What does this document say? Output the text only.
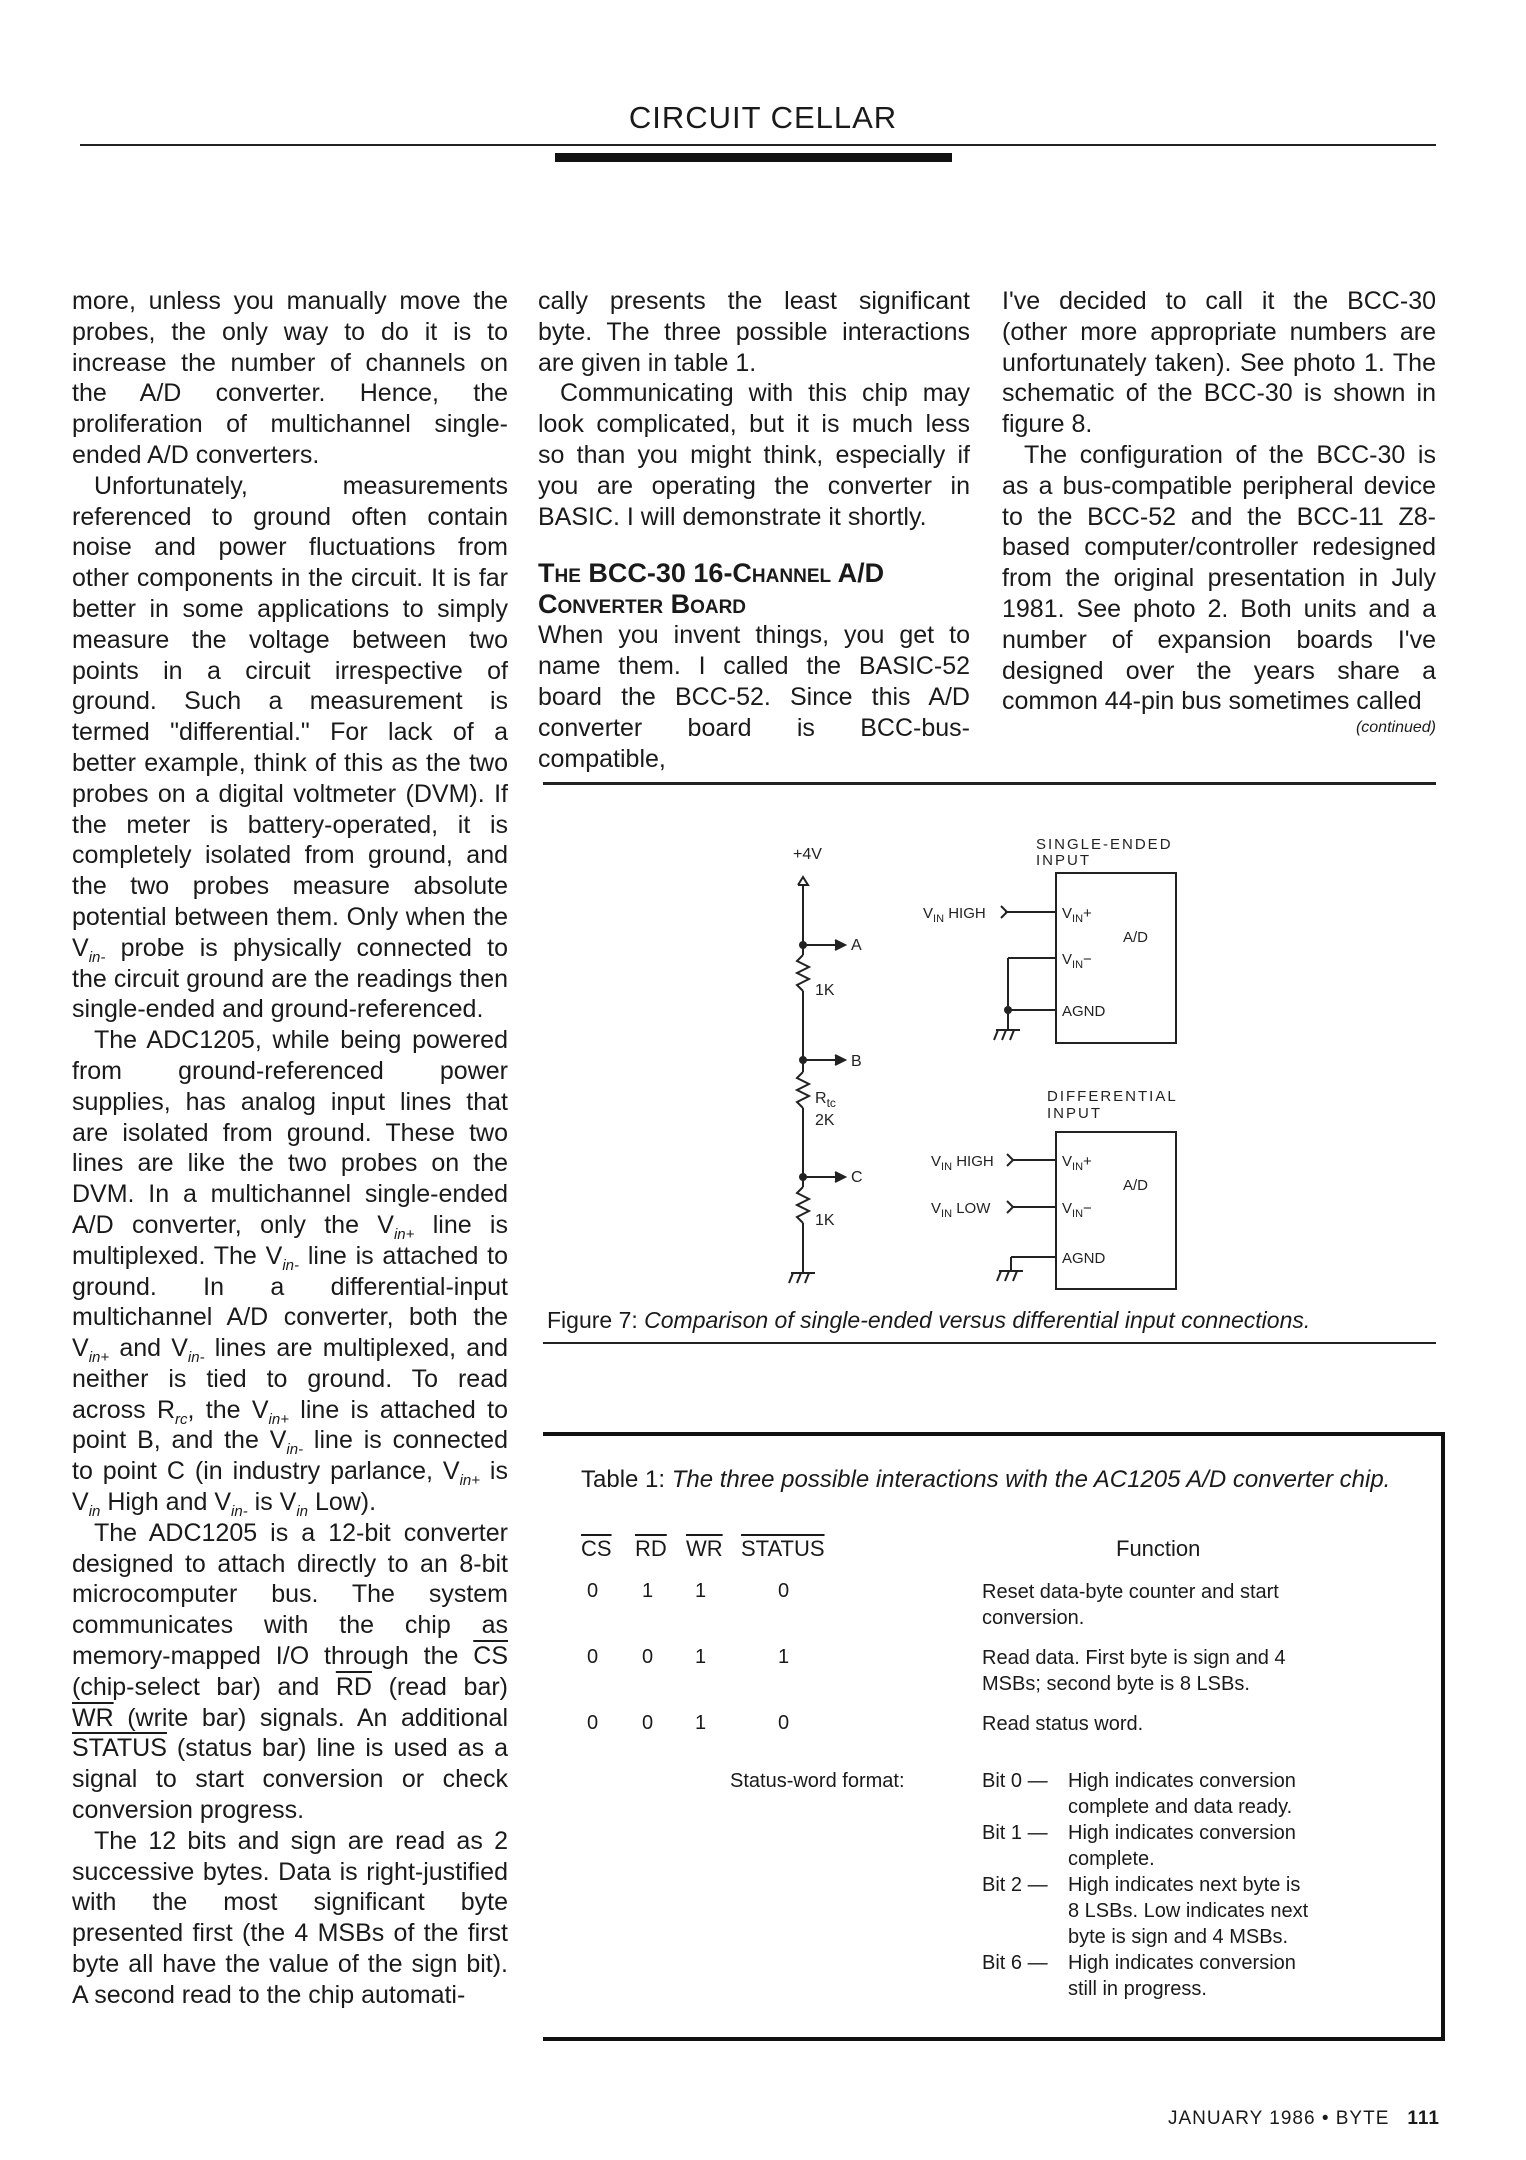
CIRCUIT CELLAR

more, unless you manually move the probes, the only way to do it is to increase the number of channels on the A/D converter. Hence, the proliferation of multichannel single-ended A/D converters.

Unfortunately, measurements referenced to ground often contain noise and power fluctuations from other components in the circuit. It is far better in some applications to simply measure the voltage between two points in a circuit irrespective of ground. Such a measurement is termed "differential." For lack of a better example, think of this as the two probes on a digital voltmeter (DVM). If the meter is battery-operated, it is completely isolated from ground, and the two probes measure absolute potential between them. Only when the $V_{in-}$ probe is physically connected to the circuit ground are the readings then single-ended and ground-referenced.

The ADC1205, while being powered from ground-referenced power supplies, has analog input lines that are isolated from ground. These two lines are like the two probes on the DVM. In a multichannel single-ended A/D converter, only the $V_{in+}$ line is multiplexed. The $V_{in-}$ line is attached to ground. In a differential-input multichannel A/D converter, both the $V_{in+}$ and $V_{in-}$ lines are multiplexed, and neither is tied to ground. To read across $R_{rc}$, the $V_{in+}$ line is attached to point B, and the $V_{in-}$ line is connected to point C (in industry parlance, $V_{in+}$ is $V_{in}$ High and $V_{in-}$ is $V_{in}$ Low).

The ADC1205 is a 12-bit converter designed to attach directly to an 8-bit microcomputer bus. The system communicates with the chip as memory-mapped I/O through the $\overline{CS}$ (chip-select bar) and $\overline{RD}$ (read bar) $\overline{WR}$ (write bar) signals. An additional STATUS (status bar) line is used as a signal to start conversion or check conversion progress.

The 12 bits and sign are read as 2 successive bytes. Data is right-justified with the most significant byte presented first (the 4 MSBs of the first byte all have the value of the sign bit). A second read to the chip automati-

cally presents the least significant byte. The three possible interactions are given in table 1.

Communicating with this chip may look complicated, but it is much less so than you might think, especially if you are operating the converter in BASIC. I will demonstrate it shortly.

The BCC-30 16-Channel A/D Converter Board

When you invent things, you get to name them. I called the BASIC-52 board the BCC-52. Since this A/D converter board is BCC-bus-compatible,

I've decided to call it the BCC-30 (other more appropriate numbers are unfortunately taken). See photo 1. The schematic of the BCC-30 is shown in figure 8.

The configuration of the BCC-30 is as a bus-compatible peripheral device to the BCC-52 and the BCC-11 Z8-based computer/controller redesigned from the original presentation in July 1981. See photo 2. Both units and a number of expansion boards I've designed over the years share a common 44-pin bus sometimes called

(continued)
+4V
A
1K
B
$R_{tc}$
2K
C
1K
SINGLE-ENDED
INPUT
$V_{IN}$ HIGH	$V_{IN}+$
A/D
$V_{IN}-$
AGND
DIFFERENTIAL
INPUT
$V_{IN}$ HIGH
$V_{IN}$ LOW
$V_{IN}+$
A/D
$V_{IN}-$
AGND
Figure 7: Comparison of single-ended versus differential input connections.
Table 1: The three possible interactions with the AC1205 A/D converter chip.
$\overline{CS}$ $\overline{RD}$ $\overline{WR}$ STATUS	Function
0 1 1	0	Reset data-byte counter and start
conversion.
0 0 1	1	Read data. First byte is sign and 4
MSBs; second byte is 8 LSBs.
0 0 1	0	Read status word.
Status-word format:	Bit 0 — High indicates conversion
complete and data ready.
Bit 1 — High indicates conversion
complete.
Bit 2 — High indicates next byte is
8 LSBs. Low indicates next
byte is sign and 4 MSBs.
Bit 6 — High indicates conversion
still in progress.
JANUARY 1986 • BYTE 111
